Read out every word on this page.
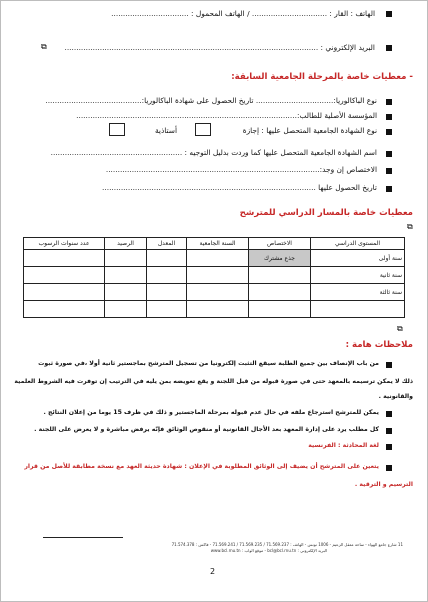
الهاتف : القار : ................................ / الهاتف المحمول : .................................
البريد الإلكتروني : ............................................................................................................
⧉
- معطيات خاصة بالمرحلة الجامعية السابقة:
نوع الباكالوريا:................................. تاريخ الحصول على شهادة الباكالوريا:.........................................
المؤسسة الأصلية للطالب:..............................................................................................
نوع الشهادة الجامعية المتحصل عليها : إجازة
أستاذية
اسم الشهادة الجامعية المتحصل عليها كما وردت بدليل التوجيه : ........................................................
الاختصاص إن وجد:...........................................................................................
تاريخ الحصول عليها ...........................................................................................
معطيات خاصة بالمسار الدراسي للمترشح
⧉
المستوى الدراسي	الاختصاص	السنة الجامعية	المعدل	الرصيد	عدد سنوات الرسوب
سنة أولى	جذع مشترك				
سنة ثانية					
سنة ثالثة					

⧉
ملاحظات هامة :
من باب الإنصاف بين جميع الطلبة سيقع التثبت إلكترونيا من تسجيل المترشح بماجستير ثانية أولا ،في صورة ثبوت
ذلك لا يمكن ترسيمه بالمعهد حتى في صورة قبوله من قبل اللجنة و يقع تعويضه بمن يليه في الترتيب إن توفرت فيه الشروط العلمية
والقانونية .
يمكن للمترشح استرجاع ملفه في حال عدم قبوله بمرحلة الماجستير و ذلك في ظرف 15 يوما من إعلان النتائج .
كل مطلب يرد على إدارة المعهد بعد الأجال القانونية أو منقوص الوثائق فإنّه يرفض مباشرة و لا يعرض على اللجنة .
لغة المحادثة : الفرنسية
يتعين على المترشح أن يضيف إلى الوثائق المطلوبة في الإعلان : شهادة حديثة العهد مع نسخة مطابقة للأصل من قرار
الترسيم و الترقية .
11 شارع جامع الهواء - ساحة معقل الزعيم - 1006 تونس - الهاتف : 71.569.237 / 71.569.235 / 71.569.241 - فاكس : 71.574.378
البريد الإلكتروني : bcl@bcl.rnu.tn - موقع الواب : www.bcl.rnu.tn
2
